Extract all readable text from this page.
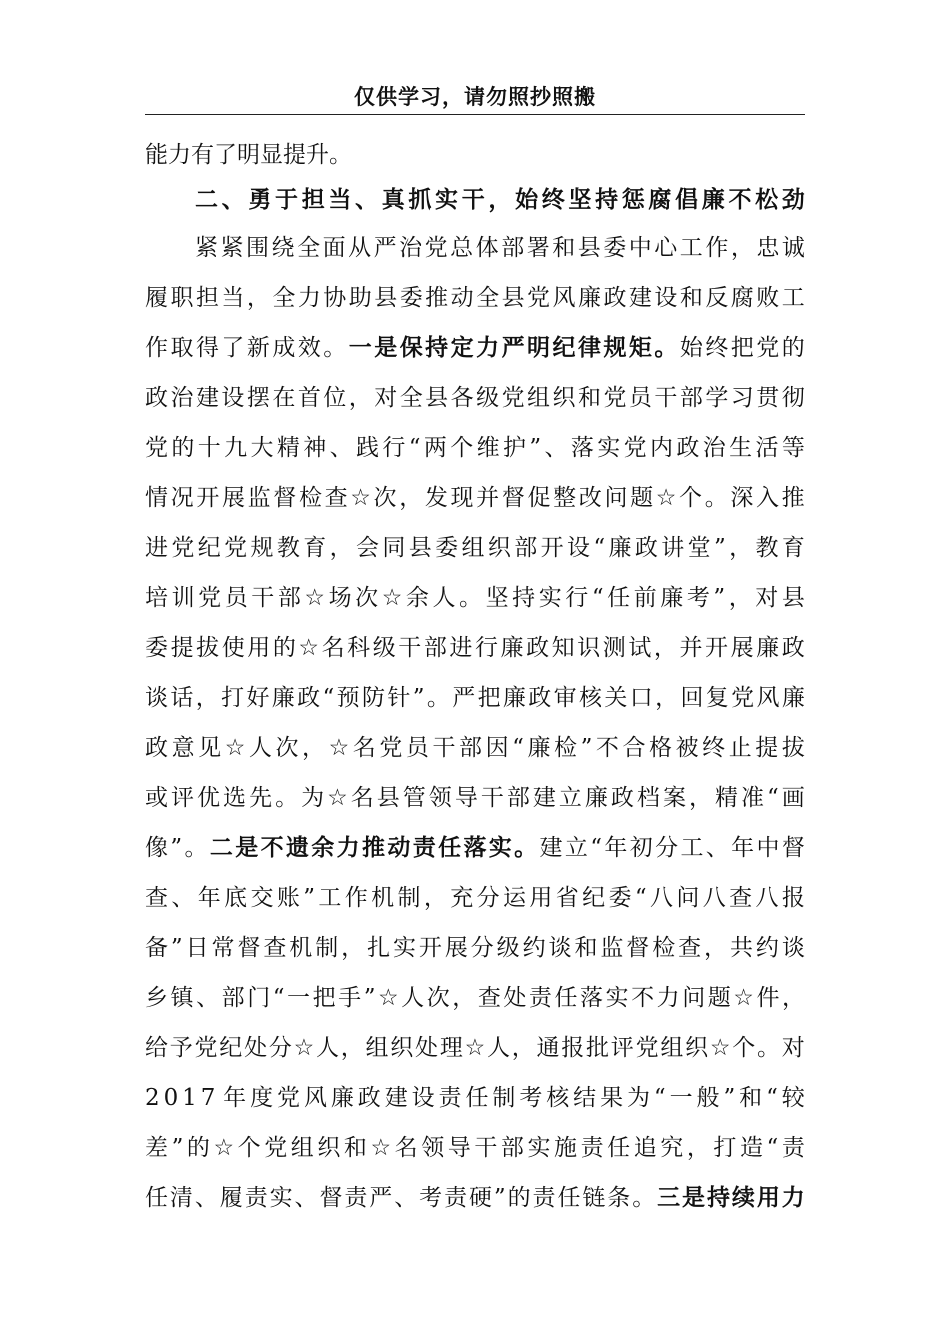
仅供学习，请勿照抄照搬
能 力 有 了 明 显 提 升 。
二 、 勇 于 担 当 、 真 抓 实 干 ， 始 终 坚 持 惩 腐 倡 廉 不 松 劲
紧 紧 围 绕 全 面 从 严 治 党 总 体 部 署 和 县 委 中 心 工 作 ， 忠 诚
履 职 担 当 ， 全 力 协 助 县 委 推 动 全 县 党 风 廉 政 建 设 和 反 腐 败 工
作 取 得 了 新 成 效 。 一 是 保 持 定 力 严 明 纪 律 规 矩 。 始 终 把 党 的
政 治 建 设 摆 在 首 位 ， 对 全 县 各 级 党 组 织 和 党 员 干 部 学 习 贯 彻
党 的 十 九 大 精 神 、 践 行 “ 两 个 维 护 ” 、 落 实 党 内 政 治 生 活 等
情 况 开 展 监 督 检 查 ☆ 次 ， 发 现 并 督 促 整 改 问 题 ☆ 个 。 深 入 推
进 党 纪 党 规 教 育 ， 会 同 县 委 组 织 部 开 设 “ 廉 政 讲 堂 ” ， 教 育
培 训 党 员 干 部 ☆ 场 次 ☆ 余 人 。 坚 持 实 行 “ 任 前 廉 考 ” ， 对 县
委 提 拔 使 用 的 ☆ 名 科 级 干 部 进 行 廉 政 知 识 测 试 ， 并 开 展 廉 政
谈 话 ， 打 好 廉 政 “ 预 防 针 ” 。 严 把 廉 政 审 核 关 口 ， 回 复 党 风 廉
政 意 见 ☆ 人 次 ， ☆ 名 党 员 干 部 因 “ 廉 检 ” 不 合 格 被 终 止 提 拔
或 评 优 选 先 。 为 ☆ 名 县 管 领 导 干 部 建 立 廉 政 档 案 ， 精 准 “ 画
像 ” 。 二 是 不 遗 余 力 推 动 责 任 落 实 。 建 立 “ 年 初 分 工 、 年 中 督
查 、 年 底 交 账 ” 工 作 机 制 ， 充 分 运 用 省 纪 委 “ 八 问 八 查 八 报
备 ” 日 常 督 查 机 制 ， 扎 实 开 展 分 级 约 谈 和 监 督 检 查 ， 共 约 谈
乡 镇 、 部 门 “ 一 把 手 ” ☆ 人 次 ， 查 处 责 任 落 实 不 力 问 题 ☆ 件 ，
给 予 党 纪 处 分 ☆ 人 ， 组 织 处 理 ☆ 人 ， 通 报 批 评 党 组 织 ☆ 个 。 对
2 0 1 7 年 度 党 风 廉 政 建 设 责 任 制 考 核 结 果 为 “ 一 般 ” 和 “ 较
差 ” 的 ☆ 个 党 组 织 和 ☆ 名 领 导 干 部 实 施 责 任 追 究 ， 打 造 “ 责
任 清 、 履 责 实 、 督 责 严 、 考 责 硬 ” 的 责 任 链 条 。 三 是 持 续 用 力
